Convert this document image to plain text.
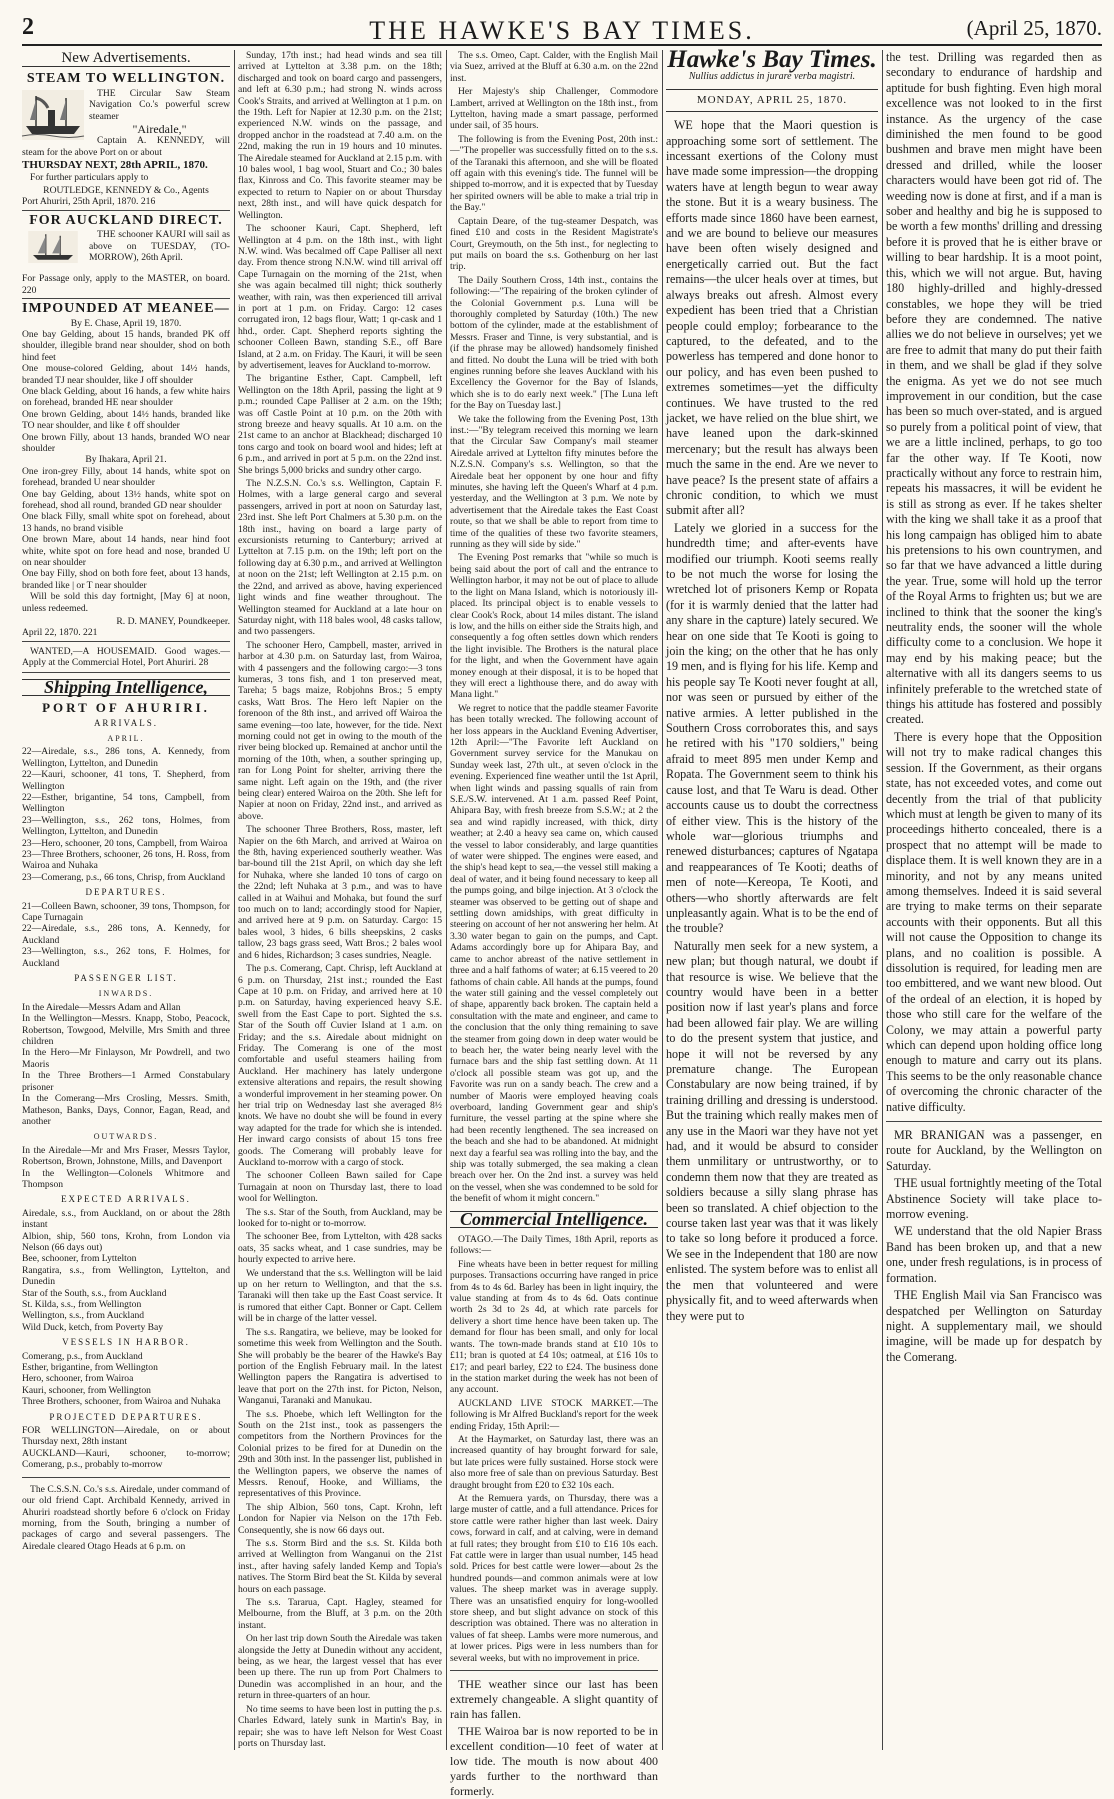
2	THE HAWKE'S BAY TIMES.	(April 25, 1870.
New Advertisements.
STEAM TO WELLINGTON.
THE Circular Saw Steam Navigation Co.'s powerful screw steamer
"Airedale,"
Captain A. KENNEDY, will steam for the above Port on or about
THURSDAY NEXT, 28th APRIL, 1870.
For further particulars apply to
ROUTLEDGE, KENNEDY & Co., Agents
Port Ahuriri, 25th April, 1870. 216
FOR AUCKLAND DIRECT.
THE schooner KAURI will sail as above on TUESDAY, (TO-MORROW), 26th April.
For Passage only, apply to the MASTER, on board. 220
IMPOUNDED AT MEANEE—
By E. Chase, April 19, 1870.
One bay Gelding, about 15 hands, branded PK off shoulder, illegible brand near shoulder, shod on both hind feet
One mouse-colored Gelding, about 14½ hands, branded TJ near shoulder, like J off shoulder
One black Gelding, about 16 hands, a few white hairs on forehead, branded HE near shoulder
One brown Gelding, about 14½ hands, branded like TO near shoulder, and like ℓ off shoulder
One brown Filly, about 13 hands, branded WO near shoulder
By Ihakara, April 21.
One iron-grey Filly, about 14 hands, white spot on forehead, branded U near shoulder
One bay Gelding, about 13½ hands, white spot on forehead, shod all round, branded GD near shoulder
One black Filly, small white spot on forehead, about 13 hands, no brand visible
One brown Mare, about 14 hands, near hind foot white, white spot on fore head and nose, branded U on near shoulder
One bay Filly, shod on both fore feet, about 13 hands, branded like | or T near shoulder
Will be sold this day fortnight, [May 6] at noon, unless redeemed.
R. D. MANEY, Poundkeeper.
April 22, 1870. 221
WANTED,—A HOUSEMAID. Good wages.—Apply at the Commercial Hotel, Port Ahuriri. 28
Shipping Intelligence,
PORT OF AHURIRI.
ARRIVALS.
APRIL.
22—Airedale, s.s., 286 tons, A. Kennedy, from Wellington, Lyttelton, and Dunedin
22—Kauri, schooner, 41 tons, T. Shepherd, from Wellington
22—Esther, brigantine, 54 tons, Campbell, from Wellington
23—Wellington, s.s., 262 tons, Holmes, from Wellington, Lyttelton, and Dunedin
23—Hero, schooner, 20 tons, Campbell, from Wairoa
23—Three Brothers, schooner, 26 tons, H. Ross, from Wairoa and Nuhaka
23—Comerang, p.s., 66 tons, Chrisp, from Auckland
DEPARTURES.
21—Colleen Bawn, schooner, 39 tons, Thompson, for Cape Turnagain
22—Airedale, s.s., 286 tons, A. Kennedy, for Auckland
23—Wellington, s.s., 262 tons, F. Holmes, for Auckland
PASSENGER LIST.
INWARDS.
In the Airedale—Messrs Adam and Allan
In the Wellington—Messrs. Knapp, Stobo, Peacock, Robertson, Towgood, Melville, Mrs Smith and three children
In the Hero—Mr Finlayson, Mr Powdrell, and two Maoris
In the Three Brothers—1 Armed Constabulary prisoner
In the Comerang—Mrs Crosling, Messrs. Smith, Matheson, Banks, Days, Connor, Eagan, Read, and another
OUTWARDS.
In the Airedale—Mr and Mrs Fraser, Messrs Taylor, Robertson, Brown, Johnstone, Mills, and Davenport
In the Wellington—Colonels Whitmore and Thompson
EXPECTED ARRIVALS.
Airedale, s.s., from Auckland, on or about the 28th instant
Albion, ship, 560 tons, Krohn, from London via Nelson (66 days out)
Bee, schooner, from Lyttelton
Rangatira, s.s., from Wellington, Lyttelton, and Dunedin
Star of the South, s.s., from Auckland
St. Kilda, s.s., from Wellington
Wellington, s.s., from Auckland
Wild Duck, ketch, from Poverty Bay
VESSELS IN HARBOR.
Comerang, p.s., from Auckland
Esther, brigantine, from Wellington
Hero, schooner, from Wairoa
Kauri, schooner, from Wellington
Three Brothers, schooner, from Wairoa and Nuhaka
PROJECTED DEPARTURES.
FOR WELLINGTON—Airedale, on or about Thursday next, 28th instant
AUCKLAND—Kauri, schooner, to-morrow; Comerang, p.s., probably to-morrow
The C.S.S.N. Co.'s s.s. Airedale, under command of our old friend Capt. Archibald Kennedy, arrived in Ahuriri roadstead shortly before 6 o'clock on Friday morning, from the South, bringing a number of packages of cargo and several passengers. The Airedale cleared Otago Heads at 6 p.m. on
Sunday, 17th inst.; had head winds and sea till arrived at Lyttelton at 3.38 p.m. on the 18th; discharged and took on board cargo and passengers, and left at 6.30 p.m.; had strong N. winds across Cook's Straits, and arrived at Wellington at 1 p.m. on the 19th. Left for Napier at 12.30 p.m. on the 21st; experienced N.W. winds on the passage, and dropped anchor in the roadstead at 7.40 a.m. on the 22nd, making the run in 19 hours and 10 minutes. The Airedale steamed for Auckland at 2.15 p.m. with 10 bales wool, 1 bag wool, Stuart and Co.; 30 bales flax, Kinross and Co. This favorite steamer may be expected to return to Napier on or about Thursday next, 28th inst., and will have quick despatch for Wellington.
The schooner Kauri, Capt. Shepherd, left Wellington at 4 p.m. on the 18th inst., with light N.W. wind. Was becalmed off Cape Palliser all next day. From thence strong N.N.W. wind till arrival off Cape Turnagain on the morning of the 21st, when she was again becalmed till night; thick southerly weather, with rain, was then experienced till arrival in port at 1 p.m. on Friday. Cargo: 12 cases corrugated iron, 12 bags flour, Watt; 1 qr-cask and 1 hhd., order. Capt. Shepherd reports sighting the schooner Colleen Bawn, standing S.E., off Bare Island, at 2 a.m. on Friday. The Kauri, it will be seen by advertisement, leaves for Auckland to-morrow.
The brigantine Esther, Capt. Campbell, left Wellington on the 18th April, passing the light at 9 p.m.; rounded Cape Palliser at 2 a.m. on the 19th; was off Castle Point at 10 p.m. on the 20th with strong breeze and heavy squalls. At 10 a.m. on the 21st came to an anchor at Blackhead; discharged 10 tons cargo and took on board wool and hides; left at 6 p.m., and arrived in port at 5 p.m. on the 22nd inst. She brings 5,000 bricks and sundry other cargo.
The N.Z.S.N. Co.'s s.s. Wellington, Captain F. Holmes, with a large general cargo and several passengers, arrived in port at noon on Saturday last, 23rd inst. She left Port Chalmers at 5.30 p.m. on the 18th inst., having on board a large party of excursionists returning to Canterbury; arrived at Lyttelton at 7.15 p.m. on the 19th; left port on the following day at 6.30 p.m., and arrived at Wellington at noon on the 21st; left Wellington at 2.15 p.m. on the 22nd, and arrived as above, having experienced light winds and fine weather throughout. The Wellington steamed for Auckland at a late hour on Saturday night, with 118 bales wool, 48 casks tallow, and two passengers.
The schooner Hero, Campbell, master, arrived in harbor at 4.30 p.m. on Saturday last, from Wairoa, with 4 passengers and the following cargo:—3 tons kumeras, 3 tons fish, and 1 ton preserved meat, Tareha; 5 bags maize, Robjohns Bros.; 5 empty casks, Watt Bros. The Hero left Napier on the forenoon of the 8th inst., and arrived off Wairoa the same evening—too late, however, for the tide. Next morning could not get in owing to the mouth of the river being blocked up. Remained at anchor until the morning of the 10th, when, a souther springing up, ran for Long Point for shelter, arriving there the same night. Left again on the 19th, and (the river being clear) entered Wairoa on the 20th. She left for Napier at noon on Friday, 22nd inst., and arrived as above.
The schooner Three Brothers, Ross, master, left Napier on the 6th March, and arrived at Wairoa on the 8th, having experienced southerly weather. Was bar-bound till the 21st April, on which day she left for Nuhaka, where she landed 10 tons of cargo on the 22nd; left Nuhaka at 3 p.m., and was to have called in at Waihui and Mohaka, but found the surf too much on to land; accordingly stood for Napier, and arrived here at 9 p.m. on Saturday. Cargo: 15 bales wool, 3 hides, 6 bills sheepskins, 2 casks tallow, 23 bags grass seed, Watt Bros.; 2 bales wool and 6 hides, Richardson; 3 cases sundries, Neagle.
The p.s. Comerang, Capt. Chrisp, left Auckland at 6 p.m. on Thursday, 21st inst.; rounded the East Cape at 10 p.m. on Friday, and arrived here at 10 p.m. on Saturday, having experienced heavy S.E. swell from the East Cape to port. Sighted the s.s. Star of the South off Cuvier Island at 1 a.m. on Friday; and the s.s. Airedale about midnight on Friday. The Comerang is one of the most comfortable and useful steamers hailing from Auckland. Her machinery has lately undergone extensive alterations and repairs, the result showing a wonderful improvement in her steaming power. On her trial trip on Wednesday last she averaged 8½ knots. We have no doubt she will be found in every way adapted for the trade for which she is intended. Her inward cargo consists of about 15 tons free goods. The Comerang will probably leave for Auckland to-morrow with a cargo of stock.
The schooner Colleen Bawn sailed for Cape Turnagain at noon on Thursday last, there to load wool for Wellington.
The s.s. Star of the South, from Auckland, may be looked for to-night or to-morrow.
The schooner Bee, from Lyttelton, with 428 sacks oats, 35 sacks wheat, and 1 case sundries, may be hourly expected to arrive here.
We understand that the s.s. Wellington will be laid up on her return to Wellington, and that the s.s. Taranaki will then take up the East Coast service. It is rumored that either Capt. Bonner or Capt. Cellem will be in charge of the latter vessel.
The s.s. Rangatira, we believe, may be looked for sometime this week from Wellington and the South. She will probably be the bearer of the Hawke's Bay portion of the English February mail. In the latest Wellington papers the Rangatira is advertised to leave that port on the 27th inst. for Picton, Nelson, Wanganui, Taranaki and Manukau.
The s.s. Phoebe, which left Wellington for the South on the 21st inst., took as passengers the competitors from the Northern Provinces for the Colonial prizes to be fired for at Dunedin on the 29th and 30th inst. In the passenger list, published in the Wellington papers, we observe the names of Messrs. Renouf, Hooke, and Williams, the representatives of this Province.
The ship Albion, 560 tons, Capt. Krohn, left London for Napier via Nelson on the 17th Feb. Consequently, she is now 66 days out.
The s.s. Storm Bird and the s.s. St. Kilda both arrived at Wellington from Wanganui on the 21st inst., after having safely landed Kemp and Topia's natives. The Storm Bird beat the St. Kilda by several hours on each passage.
The s.s. Tararua, Capt. Hagley, steamed for Melbourne, from the Bluff, at 3 p.m. on the 20th instant.
On her last trip down South the Airedale was taken alongside the Jetty at Dunedin without any accident, being, as we hear, the largest vessel that has ever been up there. The run up from Port Chalmers to Dunedin was accomplished in an hour, and the return in three-quarters of an hour.
No time seems to have been lost in putting the p.s. Charles Edward, lately sunk in Martin's Bay, in repair; she was to have left Nelson for West Coast ports on Thursday last.
The s.s. Omeo, Capt. Calder, with the English Mail via Suez, arrived at the Bluff at 6.30 a.m. on the 22nd inst.
Her Majesty's ship Challenger, Commodore Lambert, arrived at Wellington on the 18th inst., from Lyttelton, having made a smart passage, performed under sail, of 35 hours.
The following is from the Evening Post, 20th inst.:—"The propeller was successfully fitted on to the s.s. of the Taranaki this afternoon, and she will be floated off again with this evening's tide. The funnel will be shipped to-morrow, and it is expected that by Tuesday her spirited owners will be able to make a trial trip in the Bay."
Captain Deare, of the tug-steamer Despatch, was fined £10 and costs in the Resident Magistrate's Court, Greymouth, on the 5th inst., for neglecting to put mails on board the s.s. Gothenburg on her last trip.
The Daily Southern Cross, 14th inst., contains the following:—"The repairing of the broken cylinder of the Colonial Government p.s. Luna will be thoroughly completed by Saturday (10th.) The new bottom of the cylinder, made at the establishment of Messrs. Fraser and Tinne, is very substantial, and is (if the phrase may be allowed) handsomely finished and fitted. No doubt the Luna will be tried with both engines running before she leaves Auckland with his Excellency the Governor for the Bay of Islands, which she is to do early next week." [The Luna left for the Bay on Tuesday last.]
We take the following from the Evening Post, 13th inst.:—"By telegram received this morning we learn that the Circular Saw Company's mail steamer Airedale arrived at Lyttelton fifty minutes before the N.Z.S.N. Company's s.s. Wellington, so that the Airedale beat her opponent by one hour and fifty minutes, she having left the Queen's Wharf at 4 p.m. yesterday, and the Wellington at 3 p.m. We note by advertisement that the Airedale takes the East Coast route, so that we shall be able to report from time to time of the qualities of these two favorite steamers, running as they will side by side."
The Evening Post remarks that "while so much is being said about the port of call and the entrance to Wellington harbor, it may not be out of place to allude to the light on Mana Island, which is notoriously ill-placed. Its principal object is to enable vessels to clear Cook's Rock, about 14 miles distant. The island is low, and the hills on either side the Straits high, and consequently a fog often settles down which renders the light invisible. The Brothers is the natural place for the light, and when the Government have again money enough at their disposal, it is to be hoped that they will erect a lighthouse there, and do away with Mana light."
We regret to notice that the paddle steamer Favorite has been totally wrecked. The following account of her loss appears in the Auckland Evening Advertiser, 12th April:—"The Favorite left Auckland on Government survey service for the Manukau on Sunday week last, 27th ult., at seven o'clock in the evening. Experienced fine weather until the 1st April, when light winds and passing squalls of rain from S.E./S.W. intervened. At 1 a.m. passed Reef Point, Ahipara Bay, with fresh breeze from S.S.W.; at 2 the sea and wind rapidly increased, with thick, dirty weather; at 2.40 a heavy sea came on, which caused the vessel to labor considerably, and large quantities of water were shipped. The engines were eased, and the ship's head kept to sea,—the vessel still making a deal of water, and it being found necessary to keep all the pumps going, and bilge injection. At 3 o'clock the steamer was observed to be getting out of shape and settling down amidships, with great difficulty in steering on account of her not answering her helm. At 3.30 water began to gain on the pumps, and Capt. Adams accordingly bore up for Ahipara Bay, and came to anchor abreast of the native settlement in three and a half fathoms of water; at 6.15 veered to 20 fathoms of chain cable. All hands at the pumps, found the water still gaining and the vessel completely out of shape, apparently back broken. The captain held a consultation with the mate and engineer, and came to the conclusion that the only thing remaining to save the steamer from going down in deep water would be to beach her, the water being nearly level with the furnace bars and the ship fast settling down. At 11 o'clock all possible steam was got up, and the Favorite was run on a sandy beach. The crew and a number of Maoris were employed heaving coals overboard, landing Government gear and ship's furniture, the vessel parting at the spine where she had been recently lengthened. The sea increased on the beach and she had to be abandoned. At midnight next day a fearful sea was rolling into the bay, and the ship was totally submerged, the sea making a clean breach over her. On the 2nd inst. a survey was held on the vessel, when she was condemned to be sold for the benefit of whom it might concern."
Commercial Intelligence.
OTAGO.—The Daily Times, 18th April, reports as follows:—
Fine wheats have been in better request for milling purposes. Transactions occurring have ranged in price from 4s to 4s 6d. Barley has been in light inquiry, the value standing at from 4s to 4s 6d. Oats continue worth 2s 3d to 2s 4d, at which rate parcels for delivery a short time hence have been taken up. The demand for flour has been small, and only for local wants. The town-made brands stand at £10 10s to £11; bran is quoted at £4 10s; oatmeal, at £16 10s to £17; and pearl barley, £22 to £24. The business done in the station market during the week has not been of any account.
AUCKLAND LIVE STOCK MARKET.—The following is Mr Alfred Buckland's report for the week ending Friday, 15th April:—
At the Haymarket, on Saturday last, there was an increased quantity of hay brought forward for sale, but late prices were fully sustained. Horse stock were also more free of sale than on previous Saturday. Best draught brought from £20 to £32 10s each.
At the Remuera yards, on Thursday, there was a large muster of cattle, and a full attendance. Prices for store cattle were rather higher than last week. Dairy cows, forward in calf, and at calving, were in demand at full rates; they brought from £10 to £16 10s each. Fat cattle were in larger than usual number, 145 head sold. Prices for best cattle were lower—about 2s the hundred pounds—and common animals were at low values. The sheep market was in average supply. There was an unsatisfied enquiry for long-woolled store sheep, and but slight advance on stock of this description was obtained. There was no alteration in values of fat sheep. Lambs were more numerous, and at lower prices. Pigs were in less numbers than for several weeks, but with no improvement in price.
THE weather since our last has been extremely changeable. A slight quantity of rain has fallen.
THE Wairoa bar is now reported to be in excellent condition—10 feet of water at low tide. The mouth is now about 400 yards further to the northward than formerly.
Hawke's Bay Times.
Nullius addictus in jurare verba magistri.
MONDAY, APRIL 25, 1870.
WE hope that the Maori question is approaching some sort of settlement. The incessant exertions of the Colony must have made some impression—the dropping waters have at length begun to wear away the stone. But it is a weary business. The efforts made since 1860 have been earnest, and we are bound to believe our measures have been often wisely designed and energetically carried out. But the fact remains—the ulcer heals over at times, but always breaks out afresh. Almost every expedient has been tried that a Christian people could employ; forbearance to the captured, to the defeated, and to the powerless has tempered and done honor to our policy, and has even been pushed to extremes sometimes—yet the difficulty continues. We have trusted to the red jacket, we have relied on the blue shirt, we have leaned upon the dark-skinned mercenary; but the result has always been much the same in the end. Are we never to have peace? Is the present state of affairs a chronic condition, to which we must submit after all?
Lately we gloried in a success for the hundredth time; and after-events have modified our triumph. Kooti seems really to be not much the worse for losing the wretched lot of prisoners Kemp or Ropata (for it is warmly denied that the latter had any share in the capture) lately secured. We hear on one side that Te Kooti is going to join the king; on the other that he has only 19 men, and is flying for his life. Kemp and his people say Te Kooti never fought at all, nor was seen or pursued by either of the native armies. A letter published in the Southern Cross corroborates this, and says he retired with his "170 soldiers," being afraid to meet 895 men under Kemp and Ropata. The Government seem to think his cause lost, and that Te Waru is dead. Other accounts cause us to doubt the correctness of either view. This is the history of the whole war—glorious triumphs and renewed disturbances; captures of Ngatapa and reappearances of Te Kooti; deaths of men of note—Kereopa, Te Kooti, and others—who shortly afterwards are felt unpleasantly again. What is to be the end of the trouble?
Naturally men seek for a new system, a new plan; but though natural, we doubt if that resource is wise. We believe that the country would have been in a better position now if last year's plans and force had been allowed fair play. We are willing to do the present system that justice, and hope it will not be reversed by any premature change. The European Constabulary are now being trained, if by training drilling and dressing is understood. But the training which really makes men of any use in the Maori war they have not yet had, and it would be absurd to consider them unmilitary or untrustworthy, or to condemn them now that they are treated as soldiers because a silly slang phrase has been so translated. A chief objection to the course taken last year was that it was likely to take so long before it produced a force. We see in the Independent that 180 are now enlisted. The system before was to enlist all the men that volunteered and were physically fit, and to weed afterwards when they were put to
the test. Drilling was regarded then as secondary to endurance of hardship and aptitude for bush fighting. Even high moral excellence was not looked to in the first instance. As the urgency of the case diminished the men found to be good bushmen and brave men might have been dressed and drilled, while the looser characters would have been got rid of. The weeding now is done at first, and if a man is sober and healthy and big he is supposed to be worth a few months' drilling and dressing before it is proved that he is either brave or willing to bear hardship. It is a moot point, this, which we will not argue. But, having 180 highly-drilled and highly-dressed constables, we hope they will be tried before they are condemned. The native allies we do not believe in ourselves; yet we are free to admit that many do put their faith in them, and we shall be glad if they solve the enigma. As yet we do not see much improvement in our condition, but the case has been so much over-stated, and is argued so purely from a political point of view, that we are a little inclined, perhaps, to go too far the other way. If Te Kooti, now practically without any force to restrain him, repeats his massacres, it will be evident he is still as strong as ever. If he takes shelter with the king we shall take it as a proof that his long campaign has obliged him to abate his pretensions to his own countrymen, and so far that we have advanced a little during the year. True, some will hold up the terror of the Royal Arms to frighten us; but we are inclined to think that the sooner the king's neutrality ends, the sooner will the whole difficulty come to a conclusion. We hope it may end by his making peace; but the alternative with all its dangers seems to us infinitely preferable to the wretched state of things his attitude has fostered and possibly created.
There is every hope that the Opposition will not try to make radical changes this session. If the Government, as their organs state, has not exceeded votes, and come out decently from the trial of that publicity which must at length be given to many of its proceedings hitherto concealed, there is a prospect that no attempt will be made to displace them. It is well known they are in a minority, and not by any means united among themselves. Indeed it is said several are trying to make terms on their separate accounts with their opponents. But all this will not cause the Opposition to change its plans, and no coalition is possible. A dissolution is required, for leading men are too embittered, and we want new blood. Out of the ordeal of an election, it is hoped by those who still care for the welfare of the Colony, we may attain a powerful party which can depend upon holding office long enough to mature and carry out its plans. This seems to be the only reasonable chance of overcoming the chronic character of the native difficulty.
MR BRANIGAN was a passenger, en route for Auckland, by the Wellington on Saturday.
THE usual fortnightly meeting of the Total Abstinence Society will take place to-morrow evening.
WE understand that the old Napier Brass Band has been broken up, and that a new one, under fresh regulations, is in process of formation.
THE English Mail via San Francisco was despatched per Wellington on Saturday night. A supplementary mail, we should imagine, will be made up for despatch by the Comerang.
